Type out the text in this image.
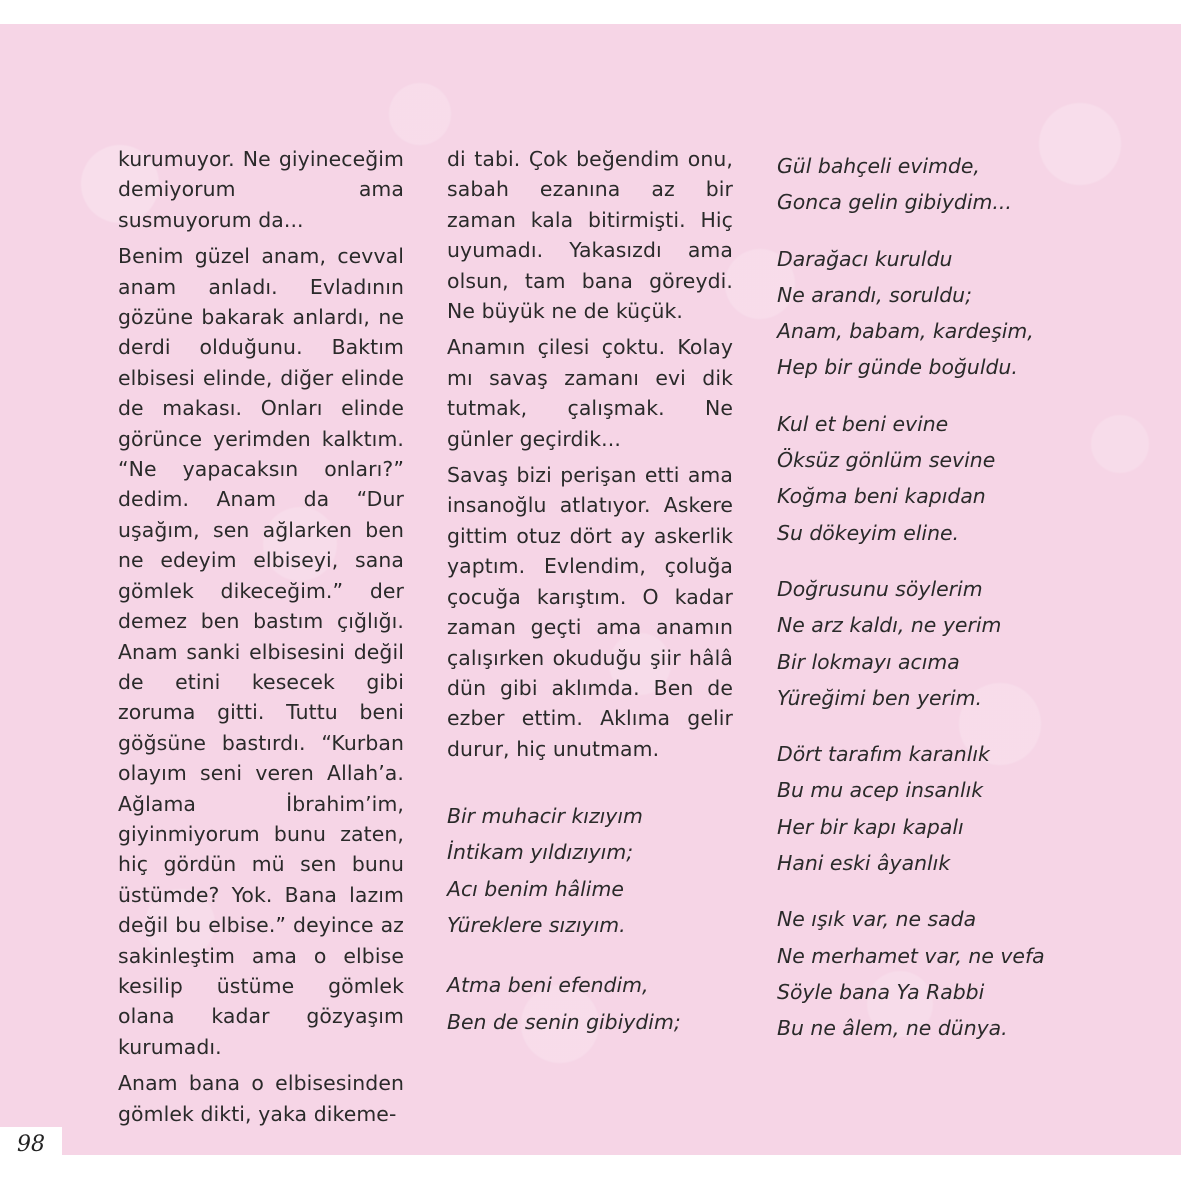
kurumuyor. Ne giyineceğim demiyorum ama susmuyorum da...

Benim güzel anam, cevval anam anladı. Evladının gözüne bakarak anlardı, ne derdi olduğunu. Baktım elbisesi elinde, diğer elinde de makası. Onları elinde görünce yerimden kalktım. “Ne yapacaksın onları?” dedim. Anam da “Dur uşağım, sen ağlarken ben ne edeyim elbiseyi, sana gömlek dikeceğim.” der demez ben bastım çığlığı. Anam sanki elbisesini değil de etini kesecek gibi zoruma gitti. Tuttu beni göğsüne bastırdı. “Kurban olayım seni veren Allah’a. Ağlama İbrahim’im, giyinmiyorum bunu zaten, hiç gördün mü sen bunu üstümde? Yok. Bana lazım değil bu elbise.” deyince az sakinleştim ama o elbise kesilip üstüme gömlek olana kadar gözyaşım kurumadı.

Anam bana o elbisesinden gömlek dikti, yaka dikeme-

di tabi. Çok beğendim onu, sabah ezanına az bir zaman kala bitirmişti. Hiç uyumadı. Yakasızdı ama olsun, tam bana göreydi. Ne büyük ne de küçük.

Anamın çilesi çoktu. Kolay mı savaş zamanı evi dik tutmak, çalışmak. Ne günler geçirdik...

Savaş bizi perişan etti ama insanoğlu atlatıyor. Askere gittim otuz dört ay askerlik yaptım. Evlendim, çoluğa çocuğa karıştım. O kadar zaman geçti ama anamın çalışırken okuduğu şiir hâlâ dün gibi aklımda. Ben de ezber ettim. Aklıma gelir durur, hiç unutmam.

Bir muhacir kızıyım
İntikam yıldızıyım;
Acı benim hâlime
Yüreklere sızıyım.
Atma beni efendim,
Ben de senin gibiydim;
Gül bahçeli evimde,
Gonca gelin gibiydim...
Darağacı kuruldu
Ne arandı, soruldu;
Anam, babam, kardeşim,
Hep bir günde boğuldu.
Kul et beni evine
Öksüz gönlüm sevine
Koğma beni kapıdan
Su dökeyim eline.
Doğrusunu söylerim
Ne arz kaldı, ne yerim
Bir lokmayı acıma
Yüreğimi ben yerim.
Dört tarafım karanlık
Bu mu acep insanlık
Her bir kapı kapalı
Hani eski âyanlık
Ne ışık var, ne sada
Ne merhamet var, ne vefa
Söyle bana Ya Rabbi
Bu ne âlem, ne dünya.
98
